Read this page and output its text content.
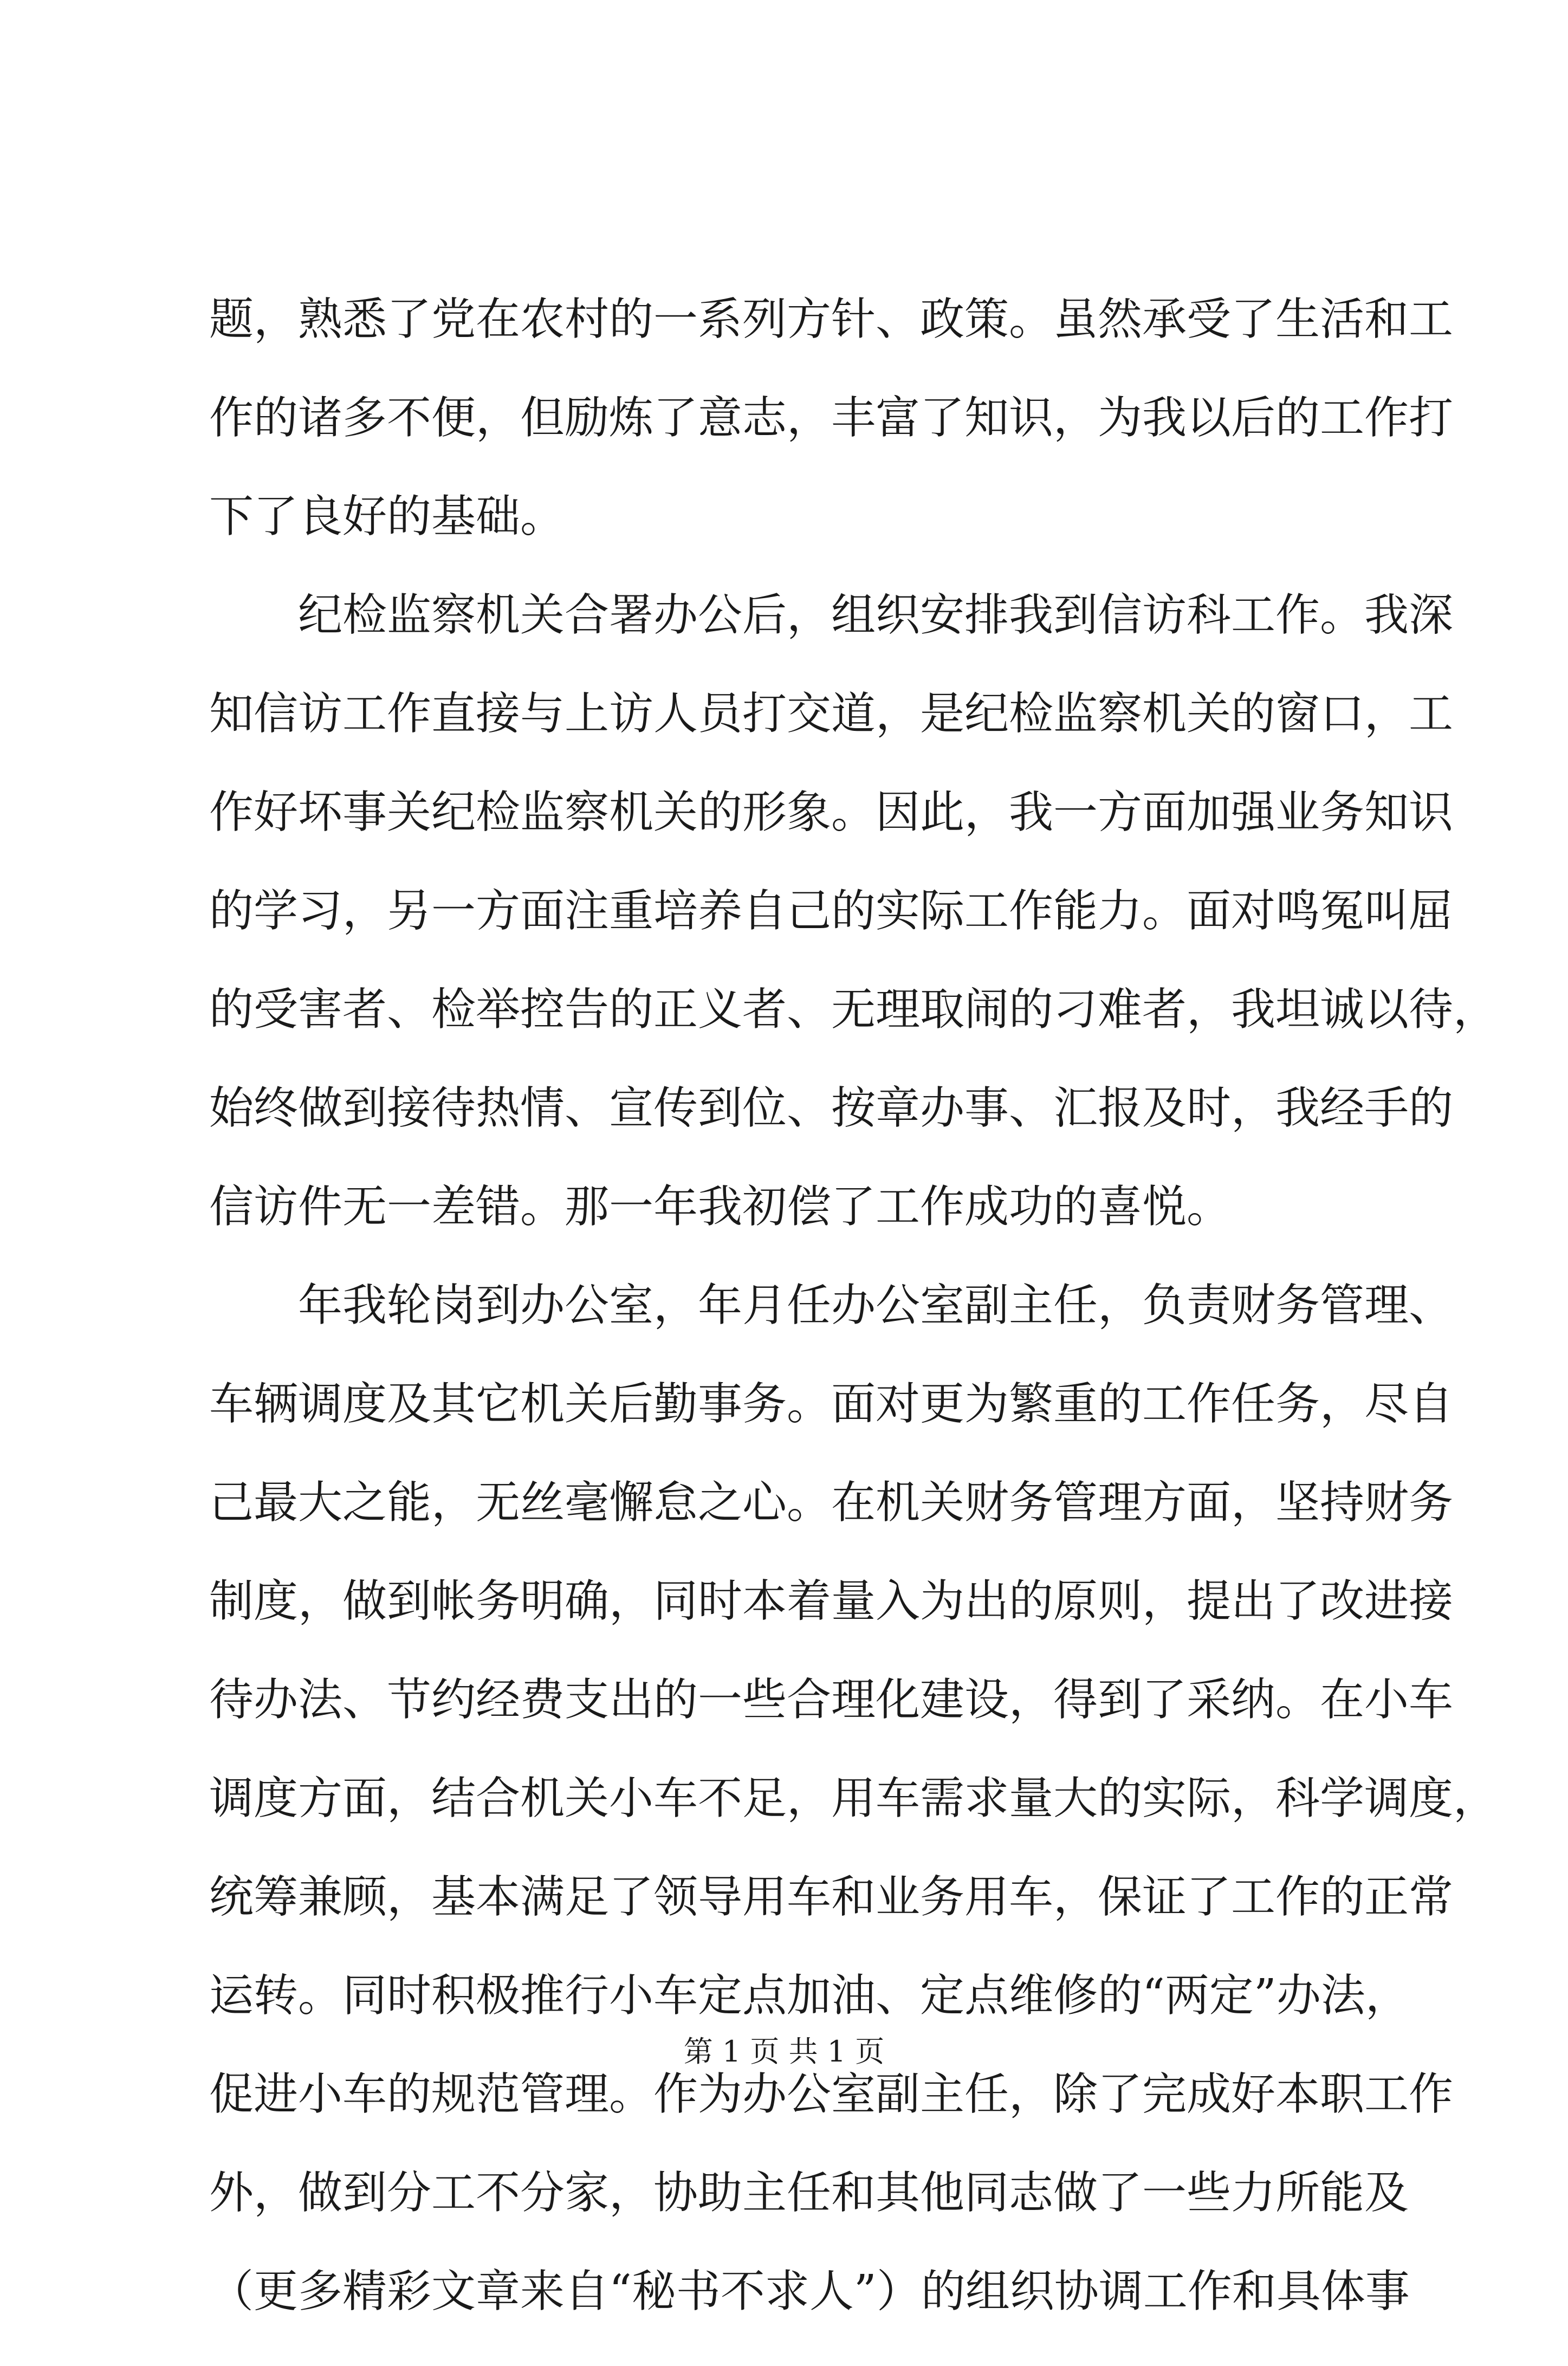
题，熟悉了党在农村的一系列方针、政策。虽然承受了生活和工
作的诸多不便，但励炼了意志，丰富了知识，为我以后的工作打
下了良好的基础。
纪检监察机关合署办公后，组织安排我到信访科工作。我深
知信访工作直接与上访人员打交道，是纪检监察机关的窗口，工
作好坏事关纪检监察机关的形象。因此，我一方面加强业务知识
的学习，另一方面注重培养自己的实际工作能力。面对鸣冤叫屈
的受害者、检举控告的正义者、无理取闹的刁难者，我坦诚以待，
始终做到接待热情、宣传到位、按章办事、汇报及时，我经手的
信访件无一差错。那一年我初偿了工作成功的喜悦。
年我轮岗到办公室，年月任办公室副主任，负责财务管理、
车辆调度及其它机关后勤事务。面对更为繁重的工作任务，尽自
己最大之能，无丝毫懈怠之心。在机关财务管理方面，坚持财务
制度，做到帐务明确，同时本着量入为出的原则，提出了改进接
待办法、节约经费支出的一些合理化建设，得到了采纳。在小车
调度方面，结合机关小车不足，用车需求量大的实际，科学调度，
统筹兼顾，基本满足了领导用车和业务用车，保证了工作的正常
运转。同时积极推行小车定点加油、定点维修的“两定”办法，
促进小车的规范管理。作为办公室副主任，除了完成好本职工作
外，做到分工不分家，协助主任和其他同志做了一些力所能及
（更多精彩文章来自“秘书不求人”）的组织协调工作和具体事
第 1 页 共 1 页
